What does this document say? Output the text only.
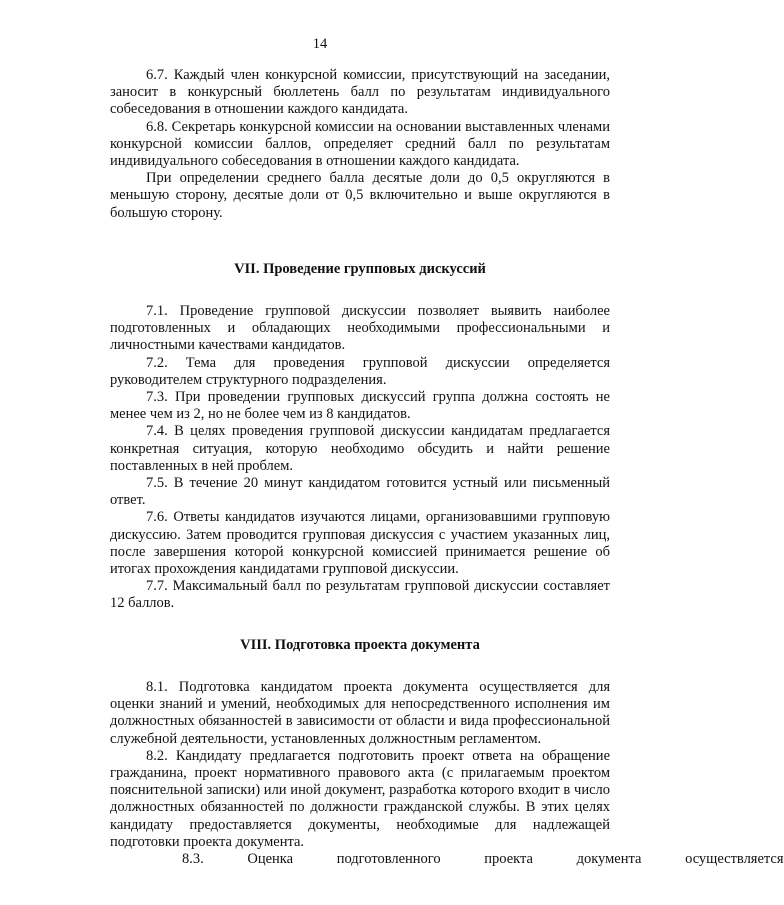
14

6.7. Каждый член конкурсной комиссии, присутствующий на заседании, заносит в конкурсный бюллетень балл по результатам индивидуального собеседования в отношении каждого кандидата.

6.8. Секретарь конкурсной комиссии на основании выставленных членами конкурсной комиссии баллов, определяет средний балл по результатам индивидуального собеседования в отношении каждого кандидата.

При определении среднего балла десятые доли до 0,5 округляются в меньшую сторону, десятые доли от 0,5 включительно и выше округляются в большую сторону.

VII. Проведение групповых дискуссий

7.1. Проведение групповой дискуссии позволяет выявить наиболее подготовленных и обладающих необходимыми профессиональными и личностными качествами кандидатов.

7.2. Тема для проведения групповой дискуссии определяется руководителем структурного подразделения.

7.3. При проведении групповых дискуссий группа должна состоять не менее чем из 2, но не более чем из 8 кандидатов.

7.4. В целях проведения групповой дискуссии кандидатам предлагается конкретная ситуация, которую необходимо обсудить и найти решение поставленных в ней проблем.

7.5. В течение 20 минут кандидатом готовится устный или письменный ответ.

7.6. Ответы кандидатов изучаются лицами, организовавшими групповую дискуссию. Затем проводится групповая дискуссия с участием указанных лиц, после завершения которой конкурсной комиссией принимается решение об итогах прохождения кандидатами групповой дискуссии.

7.7. Максимальный балл по результатам групповой дискуссии составляет 12 баллов.

VIII. Подготовка проекта документа

8.1. Подготовка кандидатом проекта документа осуществляется для оценки знаний и умений, необходимых для непосредственного исполнения им должностных обязанностей в зависимости от области и вида профессиональной служебной деятельности, установленных должностным регламентом.

8.2. Кандидату предлагается подготовить проект ответа на обращение гражданина, проект нормативного правового акта (с прилагаемым проектом пояснительной записки) или иной документ, разработка которого входит в число должностных обязанностей по должности гражданской службы. В этих целях кандидату предоставляется документы, необходимые для надлежащей подготовки проекта документа.

8.3.	Оценка	подготовленного	проекта	документа	осуществляется
